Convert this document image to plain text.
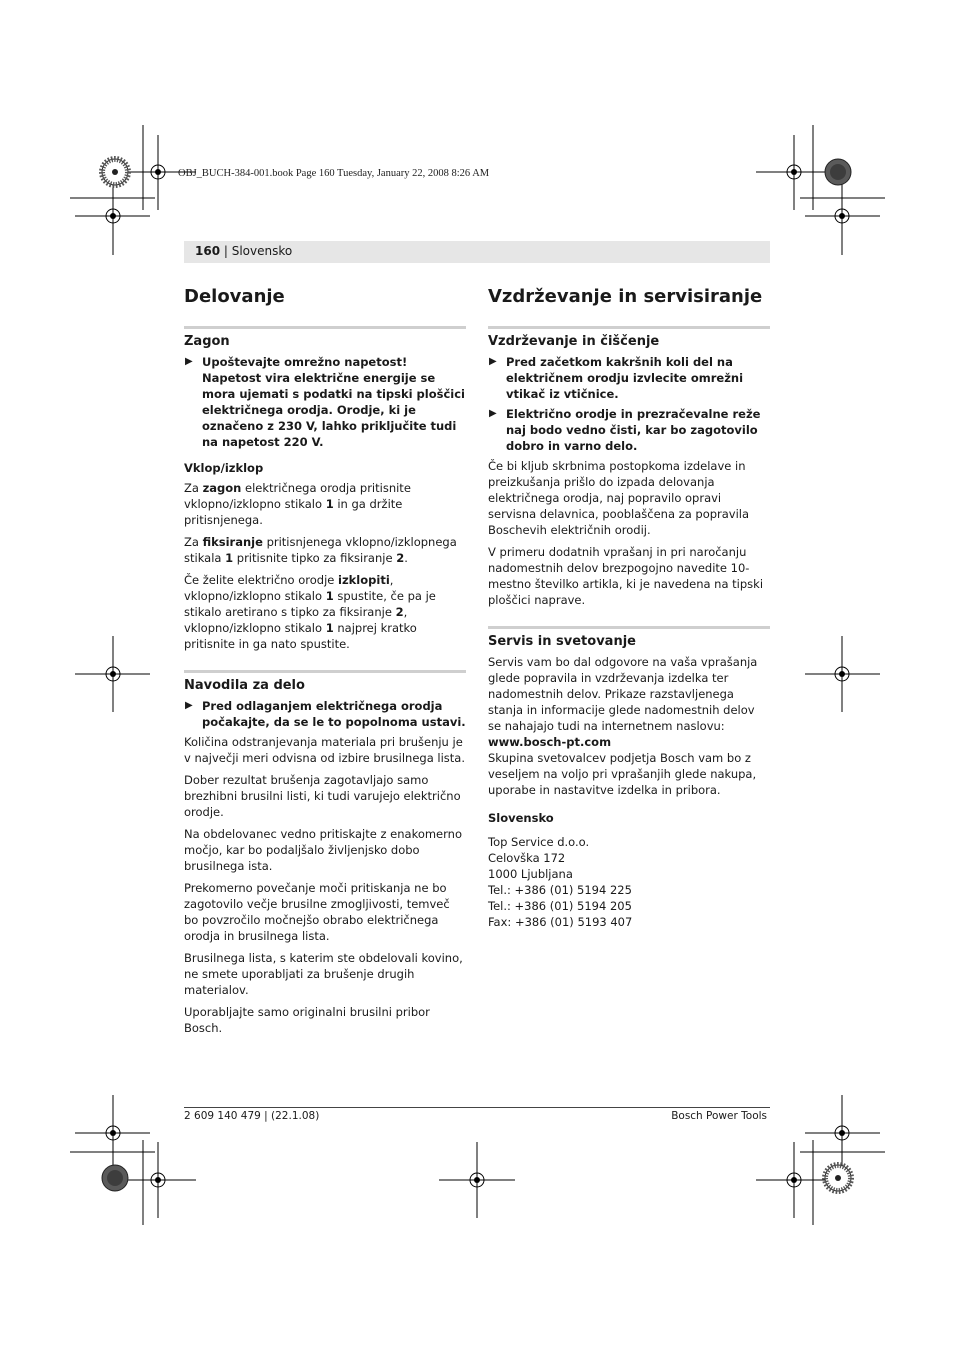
OBJ_BUCH-384-001.book Page 160 Tuesday, January 22, 2008 8:26 AM
160 | Slovensko
Delovanje
Zagon
▶ Upoštevajte omrežno napetost! Napetost vira električne energije se mora ujemati s podatki na tipski ploščici električnega orodja. Orodje, ki je označeno z 230 V, lahko priključite tudi na napetost 220 V.
Vklop/izklop

Za zagon električnega orodja pritisnite vklopno/izklopno stikalo 1 in ga držite pritisnjenega.

Za fiksiranje pritisnjenega vklopno/izklopnega stikala 1 pritisnite tipko za fiksiranje 2.

Če želite električno orodje izklopiti, vklopno/izklopno stikalo 1 spustite, če pa je stikalo aretirano s tipko za fiksiranje 2, vklopno/izklopno stikalo 1 najprej kratko pritisnite in ga nato spustite.

Navodila za delo
▶ Pred odlaganjem električnega orodja počakajte, da se le to popolnoma ustavi.

Količina odstranjevanja materiala pri brušenju je v največji meri odvisna od izbire brusilnega lista.

Dober rezultat brušenja zagotavljajo samo brezhibni brusilni listi, ki tudi varujejo električno orodje.

Na obdelovanec vedno pritiskajte z enakomerno močjo, kar bo podaljšalo življenjsko dobo brusilnega ista.

Prekomerno povečanje moči pritiskanja ne bo zagotovilo večje brusilne zmogljivosti, temveč bo povzročilo močnejšo obrabo električnega orodja in brusilnega lista.

Brusilnega lista, s katerim ste obdelovali kovino, ne smete uporabljati za brušenje drugih materialov.

Uporabljajte samo originalni brusilni pribor Bosch.

Vzdrževanje in servisiranje
Vzdrževanje in čiščenje
▶ Pred začetkom kakršnih koli del na električnem orodju izvlecite omrežni vtikač iz vtičnice.
▶ Električno orodje in prezračevalne reže naj bodo vedno čisti, kar bo zagotovilo dobro in varno delo.

Če bi kljub skrbnima postopkoma izdelave in preizkušanja prišlo do izpada delovanja električnega orodja, naj popravilo opravi servisna delavnica, pooblaščena za popravila Boschevih električnih orodij.

V primeru dodatnih vprašanj in pri naročanju nadomestnih delov brezpogojno navedite 10-mestno številko artikla, ki je navedena na tipski ploščici naprave.

Servis in svetovanje

Servis vam bo dal odgovore na vaša vprašanja glede popravila in vzdrževanja izdelka ter nadomestnih delov. Prikaze razstavljenega stanja in informacije glede nadomestnih delov se nahajajo tudi na internetnem naslovu:

www.bosch-pt.com

Skupina svetovalcev podjetja Bosch vam bo z veseljem na voljo pri vprašanjih glede nakupa, uporabe in nastavitve izdelka in pribora.

Slovensko
Top Service d.o.o.
Celovška 172
1000 Ljubljana
Tel.: +386 (01) 5194 225
Tel.: +386 (01) 5194 205
Fax: +386 (01) 5193 407
2 609 140 479 | (22.1.08)	Bosch Power Tools
